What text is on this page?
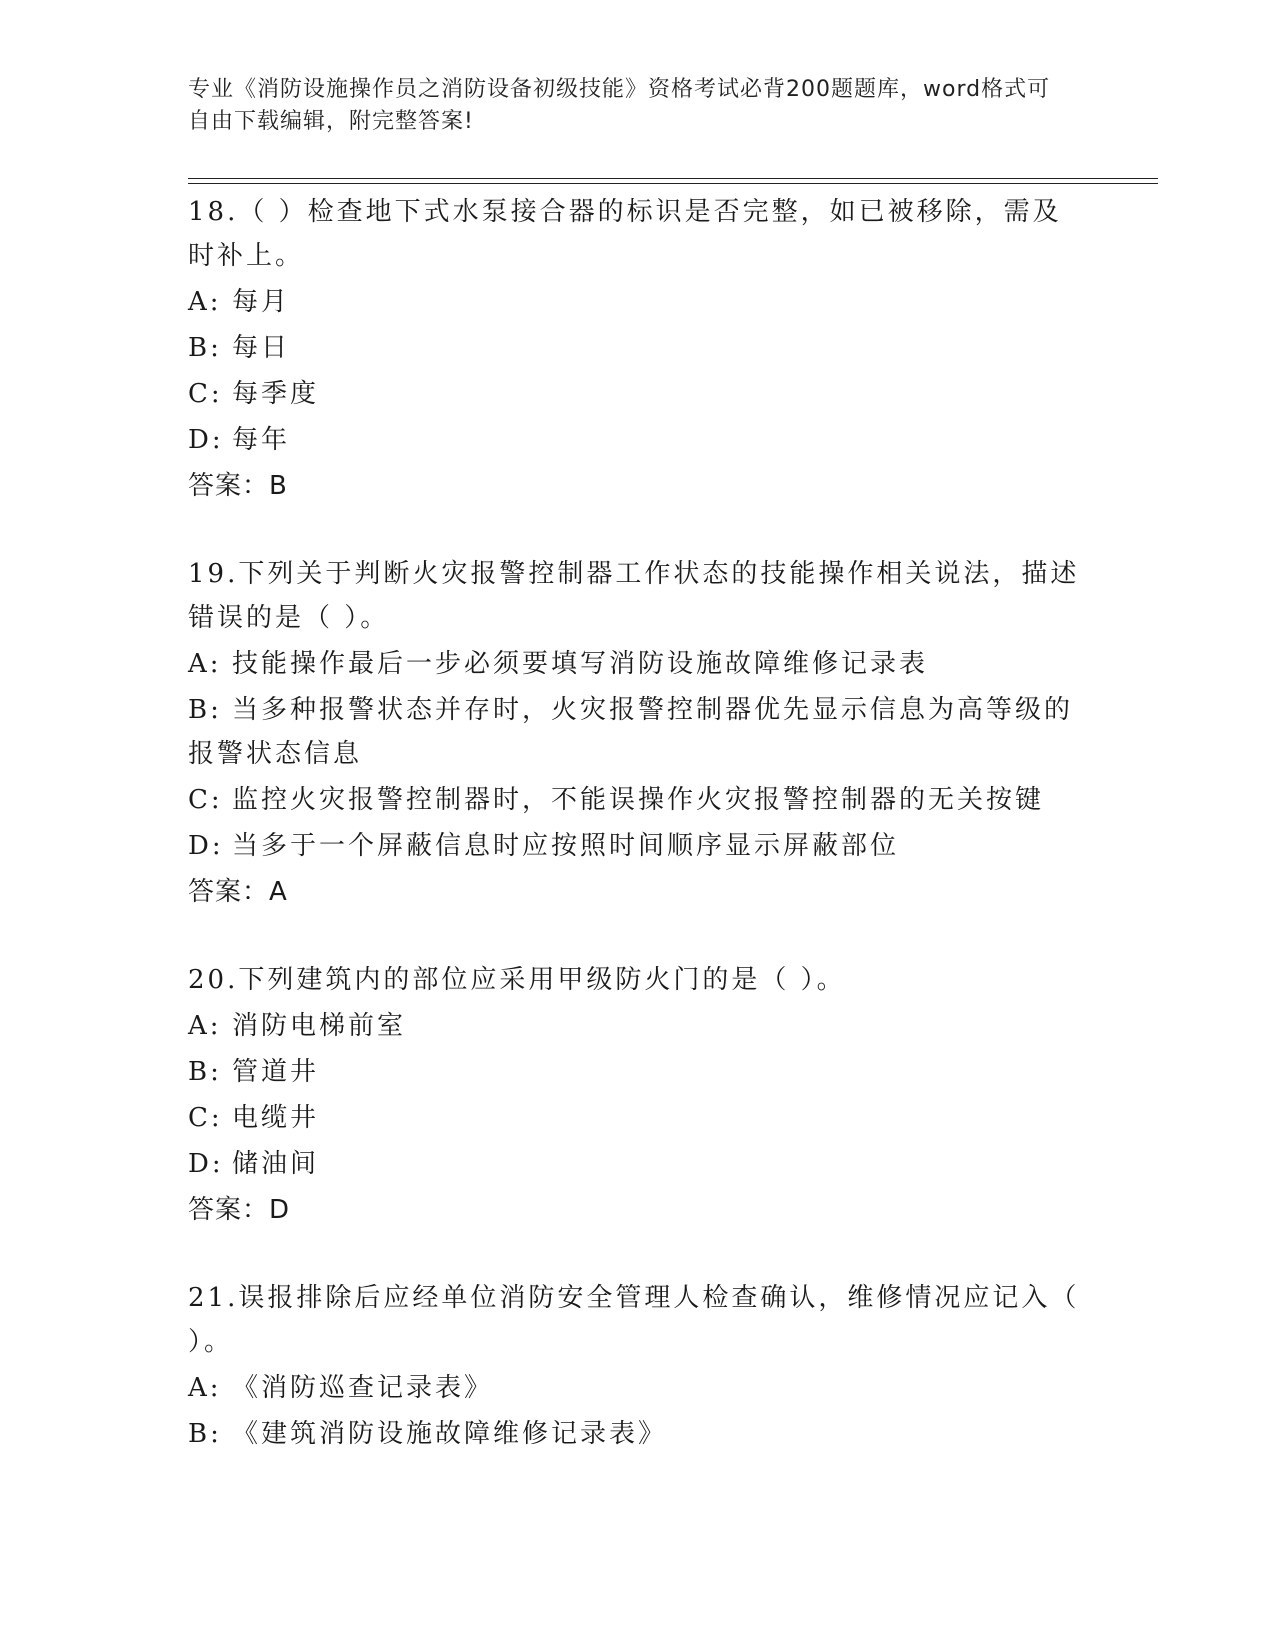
专业《消防设施操作员之消防设备初级技能》资格考试必背200题题库，word格式可自由下载编辑，附完整答案!

18.（ ）检查地下式水泵接合器的标识是否完整，如已被移除，需及时补上。

A: 每月

B: 每日

C: 每季度

D: 每年

答案：B

19.下列关于判断火灾报警控制器工作状态的技能操作相关说法，描述错误的是（ ）。

A: 技能操作最后一步必须要填写消防设施故障维修记录表

B: 当多种报警状态并存时，火灾报警控制器优先显示信息为高等级的报警状态信息

C: 监控火灾报警控制器时，不能误操作火灾报警控制器的无关按键

D: 当多于一个屏蔽信息时应按照时间顺序显示屏蔽部位

答案：A

20.下列建筑内的部位应采用甲级防火门的是（ ）。

A: 消防电梯前室

B: 管道井

C: 电缆井

D: 储油间

答案：D

21.误报排除后应经单位消防安全管理人检查确认，维修情况应记入（ ）。

A: 《消防巡查记录表》

B: 《建筑消防设施故障维修记录表》
